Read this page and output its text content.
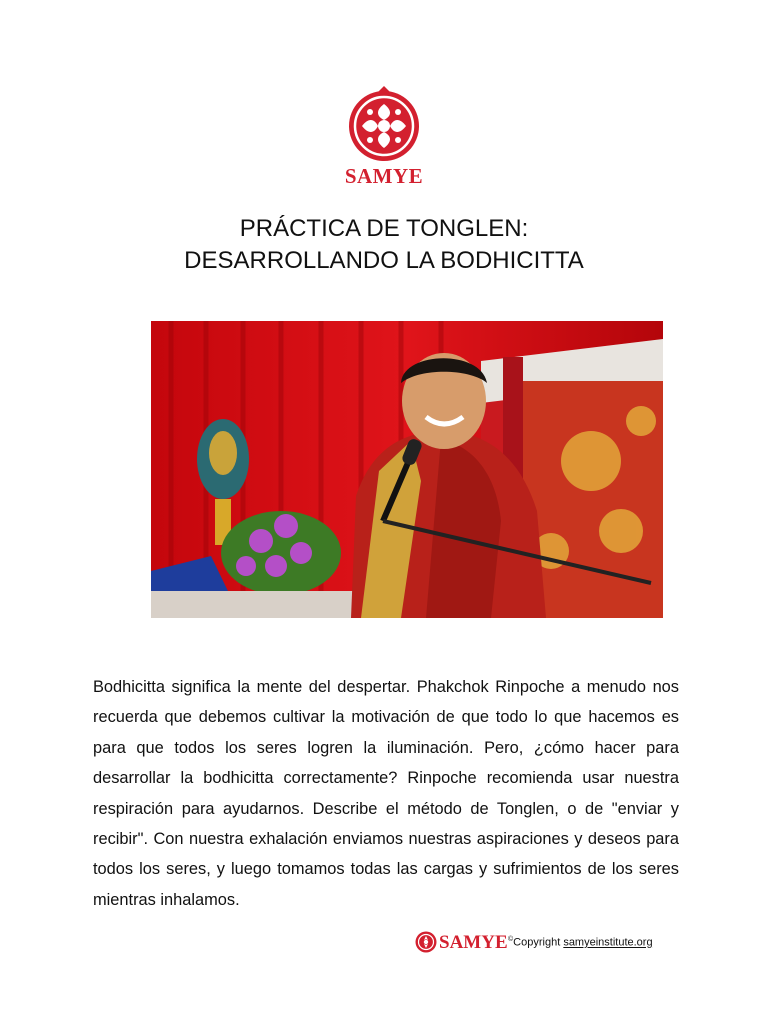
SAMYE
PRÁCTICA DE TONGLEN:
DESARROLLANDO LA BODHICITTA
Bodhicitta significa la mente del despertar. Phakchok Rinpoche a menudo nos recuerda que debemos cultivar la motivación de que todo lo que hacemos es para que todos los seres logren la iluminación. Pero, ¿cómo hacer para desarrollar la bodhicitta correctamente? Rinpoche recomienda usar nuestra respiración para ayudarnos. Describe el método de Tonglen, o de "enviar y recibir". Con nuestra exhalación enviamos nuestras aspiraciones y deseos para todos los seres, y luego tomamos todas las cargas y sufrimientos de los seres mientras inhalamos.
SAMYE ©Copyright samyeinstitute.org
